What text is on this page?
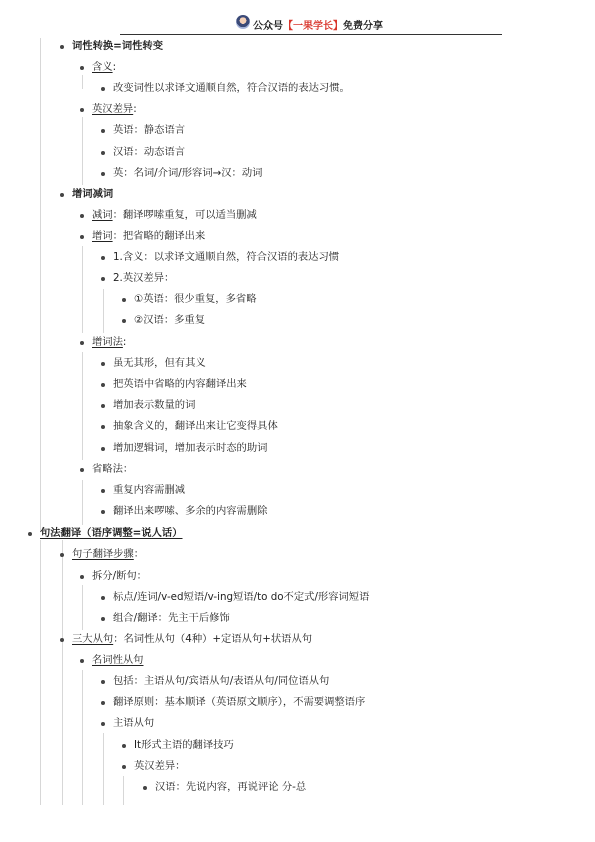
公众号【一果学长】免费分享
词性转换=词性转变
含义:
改变词性以求译文通顺自然，符合汉语的表达习惯。
英汉差异:
英语：静态语言
汉语：动态语言
英：名词/介词/形容词→汉：动词
增词减词
减词：翻译啰嗦重复，可以适当删减
增词：把省略的翻译出来
1.含义：以求译文通顺自然，符合汉语的表达习惯
2.英汉差异：
①英语：很少重复，多省略
②汉语：多重复
增词法:
虽无其形，但有其义
把英语中省略的内容翻译出来
增加表示数量的词
抽象含义的，翻译出来让它变得具体
增加逻辑词，增加表示时态的助词
省略法：
重复内容需删减
翻译出来啰嗦、多余的内容需删除
句法翻译（语序调整=说人话）
句子翻译步骤：
拆分/断句：
标点/连词/v-ed短语/v-ing短语/to do不定式/形容词短语
组合/翻译：先主干后修饰
三大从句：名词性从句（4种）+定语从句+状语从句
名词性从句
包括：主语从句/宾语从句/表语从句/同位语从句
翻译原则：基本顺译（英语原文顺序），不需要调整语序
主语从句
It形式主语的翻译技巧
英汉差异：
汉语：先说内容，再说评论 分-总
